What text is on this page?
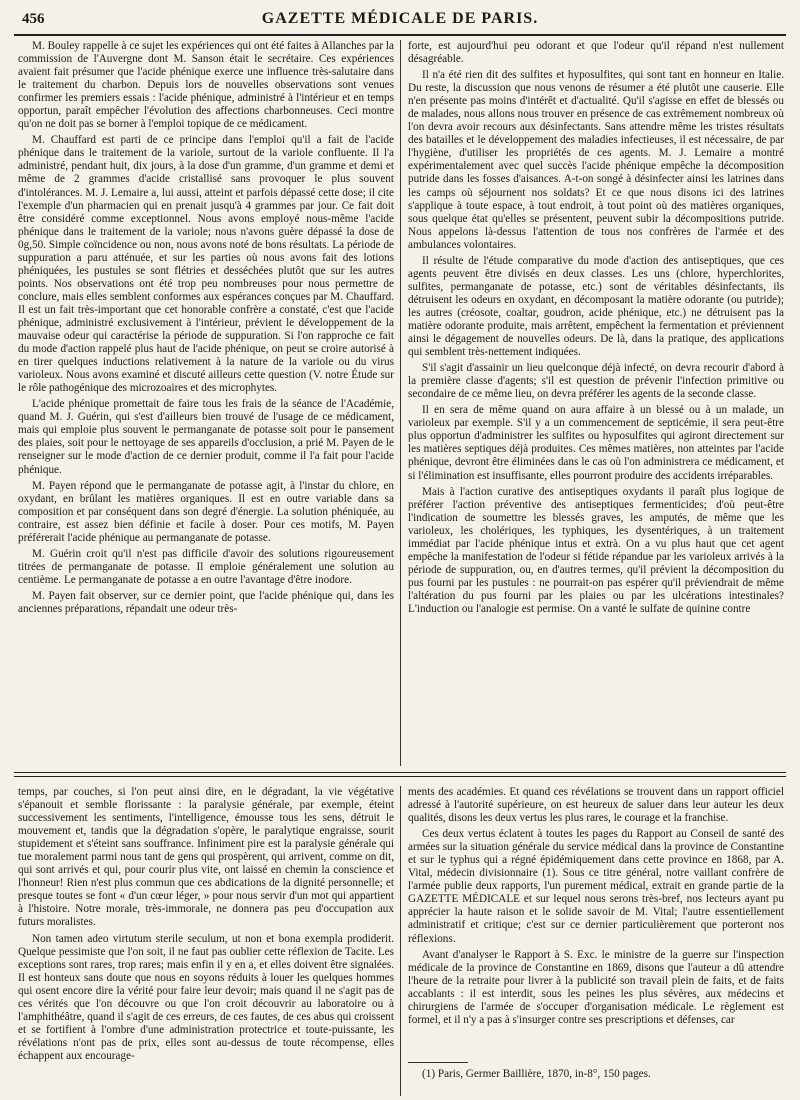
456	GAZETTE MÉDICALE DE PARIS.

M. Bouley rappelle à ce sujet les expériences qui ont été faites à Allanches par la commission de l'Auvergne dont M. Sanson était le secrétaire. Ces expériences avaient fait présumer que l'acide phénique exerce une influence très-salutaire dans le traitement du charbon. Depuis lors de nouvelles observations sont venues confirmer les premiers essais : l'acide phénique, administré à l'intérieur et en temps opportun, paraît empêcher l'évolution des affections charbonneuses. Ceci montre qu'on ne doit pas se borner à l'emploi topique de ce médicament.

M. Chauffard est parti de ce principe dans l'emploi qu'il a fait de l'acide phénique dans le traitement de la variole, surtout de la variole confluente. Il l'a administré, pendant huit, dix jours, à la dose d'un gramme, d'un gramme et demi et même de 2 grammes d'acide cristallisé sans provoquer le plus souvent d'intolérances. M. J. Lemaire a, lui aussi, atteint et parfois dépassé cette dose; il cite l'exemple d'un pharmacien qui en prenait jusqu'à 4 grammes par jour. Ce fait doit être considéré comme exceptionnel. Nous avons employé nous-même l'acide phénique dans le traitement de la variole; nous n'avons guère dépassé la dose de 0g,50. Simple coïncidence ou non, nous avons noté de bons résultats. La période de suppuration a paru atténuée, et sur les parties où nous avons fait des lotions phéniquées, les pustules se sont flétries et desséchées plutôt que sur les autres points. Nos observations ont été trop peu nombreuses pour nous permettre de conclure, mais elles semblent conformes aux espérances conçues par M. Chauffard. Il est un fait très-important que cet honorable confrère a constaté, c'est que l'acide phénique, administré exclusivement à l'intérieur, prévient le développement de la mauvaise odeur qui caractérise la période de suppuration. Si l'on rapproche ce fait du mode d'action rappelé plus haut de l'acide phénique, on peut se croire autorisé à en tirer quelques inductions relativement à la nature de la variole ou du virus varioleux. Nous avons examiné et discuté ailleurs cette question (V. notre Étude sur le rôle pathogénique des microzoaires et des microphytes.

L'acide phénique promettait de faire tous les frais de la séance de l'Académie, quand M. J. Guérin, qui s'est d'ailleurs bien trouvé de l'usage de ce médicament, mais qui emploie plus souvent le permanganate de potasse soit pour le pansement des plaies, soit pour le nettoyage de ses appareils d'occlusion, a prié M. Payen de le renseigner sur le mode d'action de ce dernier produit, comme il l'a fait pour l'acide phénique.

M. Payen répond que le permanganate de potasse agit, à l'instar du chlore, en oxydant, en brûlant les matières organiques. Il est en outre variable dans sa composition et par conséquent dans son degré d'énergie. La solution phéniquée, au contraire, est assez bien définie et facile à doser. Pour ces motifs, M. Payen préférerait l'acide phénique au permanganate de potasse.

M. Guérin croit qu'il n'est pas difficile d'avoir des solutions rigoureusement titrées de permanganate de potasse. Il emploie généralement une solution au centième. Le permanganate de potasse a en outre l'avantage d'être inodore.

M. Payen fait observer, sur ce dernier point, que l'acide phénique qui, dans les anciennes préparations, répandait une odeur très-

forte, est aujourd'hui peu odorant et que l'odeur qu'il répand n'est nullement désagréable.

Il n'a été rien dit des sulfites et hyposulfites, qui sont tant en honneur en Italie. Du reste, la discussion que nous venons de résumer a été plutôt une causerie. Elle n'en présente pas moins d'intérêt et d'actualité. Qu'il s'agisse en effet de blessés ou de malades, nous allons nous trouver en présence de cas extrêmement nombreux où l'on devra avoir recours aux désinfectants. Sans attendre même les tristes résultats des batailles et le développement des maladies infectieuses, il est nécessaire, de par l'hygiène, d'utiliser les propriétés de ces agents. M. J. Lemaire a montré expérimentalement avec quel succès l'acide phénique empêche la décomposition putride dans les fosses d'aisances. A-t-on songé à désinfecter ainsi les latrines dans les camps où séjournent nos soldats? Et ce que nous disons ici des latrines s'applique à toute espace, à tout endroit, à tout point où des matières organiques, sous quelque état qu'elles se présentent, peuvent subir la décompositions putride. Nous appelons là-dessus l'attention de tous nos confrères de l'armée et des ambulances volontaires.

Il résulte de l'étude comparative du mode d'action des antiseptiques, que ces agents peuvent être divisés en deux classes. Les uns (chlore, hyperchlorites, sulfites, permanganate de potasse, etc.) sont de véritables désinfectants, ils détruisent les odeurs en oxydant, en décomposant la matière odorante (ou putride); les autres (créosote, coaltar, goudron, acide phénique, etc.) ne détruisent pas la matière odorante produite, mais arrêtent, empêchent la fermentation et préviennent ainsi le dégagement de nouvelles odeurs. De là, dans la pratique, des applications qui semblent très-nettement indiquées.

S'il s'agit d'assainir un lieu quelconque déjà infecté, on devra recourir d'abord à la première classe d'agents; s'il est question de prévenir l'infection primitive ou secondaire de ce même lieu, on devra préférer les agents de la seconde classe.

Il en sera de même quand on aura affaire à un blessé ou à un malade, un varioleux par exemple. S'il y a un commencement de septicémie, il sera peut-être plus opportun d'administrer les sulfites ou hyposulfites qui agiront directement sur les matières septiques déjà produites. Ces mêmes matières, non atteintes par l'acide phénique, devront être éliminées dans le cas où l'on administrera ce médicament, et si l'élimination est insuffisante, elles pourront produire des accidents irréparables.

Mais à l'action curative des antiseptiques oxydants il paraît plus logique de préférer l'action préventive des antiseptiques fermenticides; d'où peut-être l'indication de soumettre les blessés graves, les amputés, de même que les varioleux, les cholériques, les typhiques, les dysentériques, à un traitement immédiat par l'acide phénique intus et extrà. On a vu plus haut que cet agent empêche la manifestation de l'odeur si fétide répandue par les varioleux arrivés à la période de suppuration, ou, en d'autres termes, qu'il prévient la décomposition du pus fourni par les pustules : ne pourrait-on pas espérer qu'il préviendrait de même l'altération du pus fourni par les plaies ou par les ulcérations intestinales? L'induction ou l'analogie est permise. On a vanté le sulfate de quinine contre

temps, par couches, si l'on peut ainsi dire, en le dégradant, la vie végétative s'épanouit et semble florissante : la paralysie générale, par exemple, éteint successivement les sentiments, l'intelligence, émousse tous les sens, détruit le mouvement et, tandis que la dégradation s'opère, le paralytique engraisse, sourit stupidement et s'éteint sans souffrance. Infiniment pire est la paralysie générale qui tue moralement parmi nous tant de gens qui prospèrent, qui arrivent, comme on dit, qui sont arrivés et qui, pour courir plus vite, ont laissé en chemin la conscience et l'honneur! Rien n'est plus commun que ces abdications de la dignité personnelle; et presque toutes se font « d'un cœur léger, » pour nous servir d'un mot qui appartient à l'histoire. Notre morale, très-immorale, ne donnera pas peu d'occupation aux futurs moralistes.

Non tamen adeo virtutum sterile seculum, ut non et bona exempla prodiderit. Quelque pessimiste que l'on soit, il ne faut pas oublier cette réflexion de Tacite. Les exceptions sont rares, trop rares; mais enfin il y en a, et elles doivent être signalées. Il est honteux sans doute que nous en soyons réduits à louer les quelques hommes qui osent encore dire la vérité pour faire leur devoir; mais quand il ne s'agit pas de ces vérités que l'on découvre ou que l'on croit découvrir au laboratoire ou à l'amphithéâtre, quand il s'agit de ces erreurs, de ces fautes, de ces abus qui croissent et se fortifient à l'ombre d'une administration protectrice et toute-puissante, les révélations n'ont pas de prix, elles sont au-dessus de toute récompense, elles échappent aux encourage-

ments des académies. Et quand ces révélations se trouvent dans un rapport officiel adressé à l'autorité supérieure, on est heureux de saluer dans leur auteur les deux qualités, disons les deux vertus les plus rares, le courage et la franchise.

Ces deux vertus éclatent à toutes les pages du Rapport au Conseil de santé des armées sur la situation générale du service médical dans la province de Constantine et sur le typhus qui a régné épidémiquement dans cette province en 1868, par A. Vital, médecin divisionnaire (1). Sous ce titre général, notre vaillant confrère de l'armée publie deux rapports, l'un purement médical, extrait en grande partie de la GAZETTE MÉDICALE et sur lequel nous serons très-bref, nos lecteurs ayant pu apprécier la haute raison et le solide savoir de M. Vital; l'autre essentiellement administratif et critique; c'est sur ce dernier particulièrement que porteront nos réflexions.

Avant d'analyser le Rapport à S. Exc. le ministre de la guerre sur l'inspection médicale de la province de Constantine en 1869, disons que l'auteur a dû attendre l'heure de la retraite pour livrer à la publicité son travail plein de faits, et de faits accablants : il est interdit, sous les peines les plus sévères, aux médecins et chirurgiens de l'armée de s'occuper d'organisation médicale. Le règlement est formel, et il n'y a pas à s'insurger contre ses prescriptions et défenses, car

(1) Paris, Germer Baillière, 1870, in-8°, 150 pages.
